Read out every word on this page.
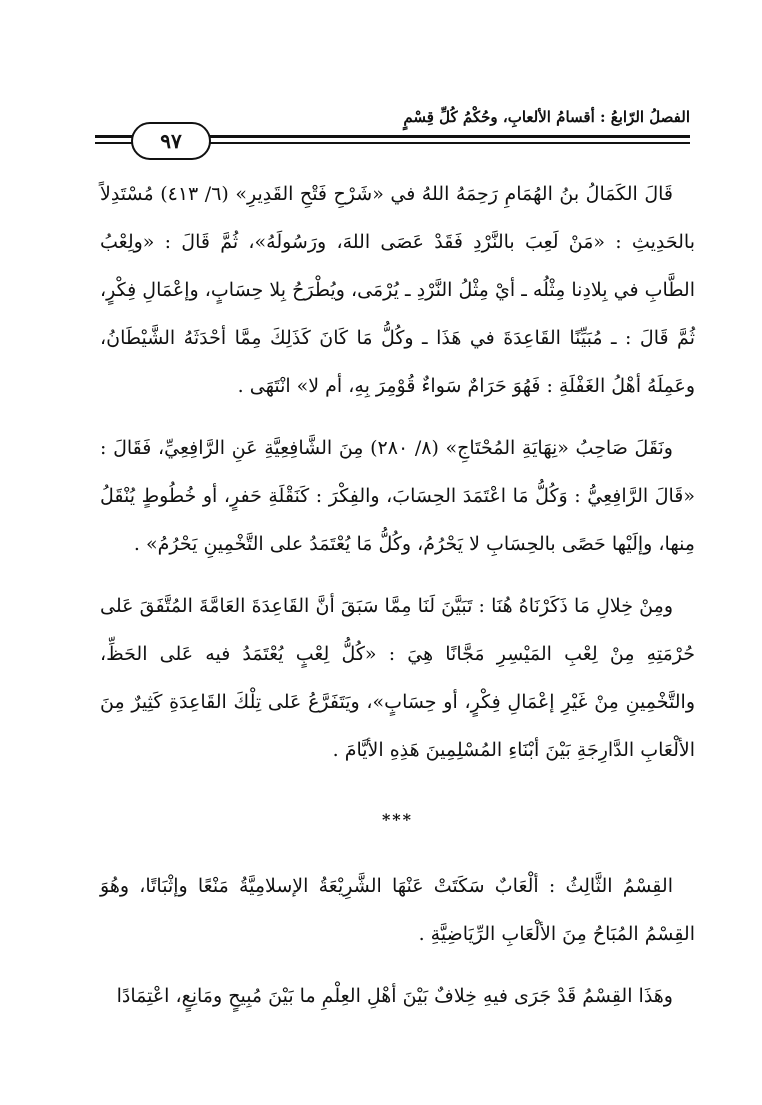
الفصلُ الرّابعُ : أقسامُ الألعابِ، وحُكْمُ كُلِّ قِسْمٍ
٩٧

قَالَ الكَمَالُ بنُ الهُمَامِ رَحِمَهُ اللهُ في «شَرْحِ فَتْحِ القَدِيرِ» (٦/ ٤١٣) مُسْتَدِلاً بالحَدِيثِ : «مَنْ لَعِبَ بالنَّرْدِ فَقَدْ عَصَى اللهَ، ورَسُولَهُ»، ثُمَّ قَالَ : «ولِعْبُ الطَّابِ في بِلادِنا مِثْلُه ـ أيْ مِثْلُ النَّرْدِ ـ يُرْمَى، ويُطْرَحُ بِلا حِسَابٍ، وإعْمَالِ فِكْرٍ، ثُمَّ قَالَ : ـ مُبَيِّنًا القَاعِدَةَ في هَذَا ـ وكُلُّ مَا كَانَ كَذَلِكَ مِمَّا أحْدَثَهُ الشَّيْطَانُ، وعَمِلَهُ أهْلُ الغَفْلَةِ : فَهُوَ حَرَامٌ سَواءٌ قُوْمِرَ بِهِ، أم لا» انْتَهَى .

ونَقَلَ صَاحِبُ «نِهَايَةِ المُحْتَاجِ» (٨/ ٢٨٠) مِنَ الشَّافِعِيَّةِ عَنِ الرَّافِعِيِّ، فَقَالَ : «قَالَ الرَّافِعِيُّ : وَكُلُّ مَا اعْتَمَدَ الحِسَابَ، والفِكْرَ : كَنَقْلَةِ حَفرٍ، أو خُطُوطٍ يُنْقَلُ مِنها، وإلَيْها حَصًى بالحِسَابِ لا يَحْرُمُ، وكُلُّ مَا يُعْتَمَدُ على التَّخْمِينِ يَحْرُمُ» .

ومِنْ خِلالِ مَا ذَكَرْنَاهُ هُنَا : تَبَيَّنَ لَنَا مِمَّا سَبَقَ أنَّ القَاعِدَةَ العَامَّةَ المُتَّفَقَ عَلى حُرْمَتِهِ مِنْ لِعْبِ المَيْسِرِ مَجَّانًا هِيَ : «كُلُّ لِعْبٍ يُعْتَمَدُ فيه عَلى الحَظِّ، والتَّخْمِينِ مِنْ غَيْرِ إعْمَالِ فِكْرٍ، أو حِسَابٍ»، ويَتَفَرَّعُ عَلى تِلْكَ القَاعِدَةِ كَثِيرٌ مِنَ الألْعَابِ الدَّارِجَةِ بَيْنَ أبْنَاءِ المُسْلِمِينَ هَذِهِ الأيَّامَ .

***

القِسْمُ الثَّالِثُ : ألْعَابٌ سَكَتَتْ عَنْهَا الشَّرِيْعَةُ الإسلامِيَّةُ مَنْعًا وإثْبَاتًا، وهُوَ القِسْمُ المُبَاحُ مِنَ الألْعَابِ الرِّيَاضِيَّةِ .

وهَذَا القِسْمُ قَدْ جَرَى فيهِ خِلافٌ بَيْنَ أهْلِ العِلْمِ ما بَيْنَ مُبِيحٍ ومَانِعٍ، اعْتِمَادًا
